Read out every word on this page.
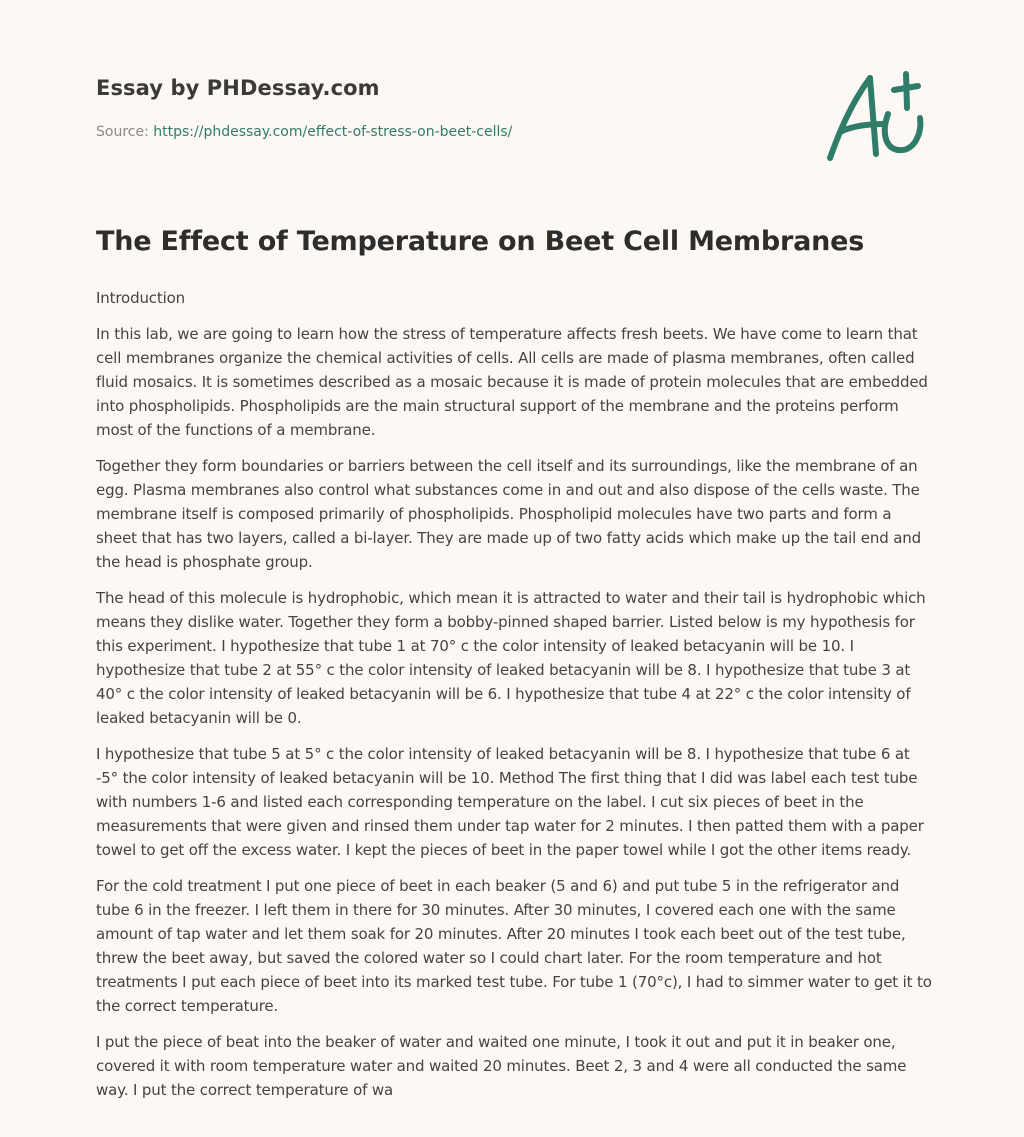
Essay by PHDessay.com
Source: https://phdessay.com/effect-of-stress-on-beet-cells/
The Effect of Temperature on Beet Cell Membranes

Introduction

In this lab, we are going to learn how the stress of temperature affects fresh beets. We have come to learn that cell membranes organize the chemical activities of cells. All cells are made of plasma membranes, often called fluid mosaics. It is sometimes described as a mosaic because it is made of protein molecules that are embedded into phospholipids. Phospholipids are the main structural support of the membrane and the proteins perform most of the functions of a membrane.

Together they form boundaries or barriers between the cell itself and its surroundings, like the membrane of an egg. Plasma membranes also control what substances come in and out and also dispose of the cells waste. The membrane itself is composed primarily of phospholipids. Phospholipid molecules have two parts and form a sheet that has two layers, called a bi-layer. They are made up of two fatty acids which make up the tail end and the head is phosphate group.

The head of this molecule is hydrophobic, which mean it is attracted to water and their tail is hydrophobic which means they dislike water. Together they form a bobby-pinned shaped barrier. Listed below is my hypothesis for this experiment. I hypothesize that tube 1 at 70° c the color intensity of leaked betacyanin will be 10. I hypothesize that tube 2 at 55° c the color intensity of leaked betacyanin will be 8. I hypothesize that tube 3 at 40° c the color intensity of leaked betacyanin will be 6. I hypothesize that tube 4 at 22° c the color intensity of leaked betacyanin will be 0.

I hypothesize that tube 5 at 5° c the color intensity of leaked betacyanin will be 8. I hypothesize that tube 6 at -5° the color intensity of leaked betacyanin will be 10. Method The first thing that I did was label each test tube with numbers 1-6 and listed each corresponding temperature on the label. I cut six pieces of beet in the measurements that were given and rinsed them under tap water for 2 minutes. I then patted them with a paper towel to get off the excess water. I kept the pieces of beet in the paper towel while I got the other items ready.

For the cold treatment I put one piece of beet in each beaker (5 and 6) and put tube 5 in the refrigerator and tube 6 in the freezer. I left them in there for 30 minutes. After 30 minutes, I covered each one with the same amount of tap water and let them soak for 20 minutes. After 20 minutes I took each beet out of the test tube, threw the beet away, but saved the colored water so I could chart later. For the room temperature and hot treatments I put each piece of beet into its marked test tube. For tube 1 (70°c), I had to simmer water to get it to the correct temperature.

I put the piece of beat into the beaker of water and waited one minute, I took it out and put it in beaker one, covered it with room temperature water and waited 20 minutes. Beet 2, 3 and 4 were all conducted the same way. I put the correct temperature of wa
